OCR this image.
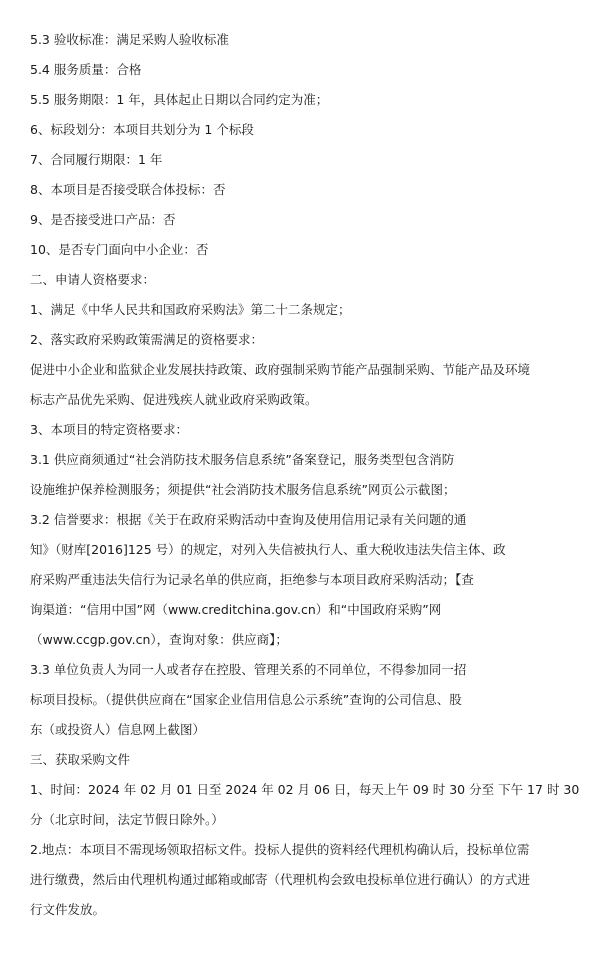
5.3 验收标准：满足采购人验收标准
5.4 服务质量：合格
5.5 服务期限：1 年，具体起止日期以合同约定为准；
6、标段划分：本项目共划分为 1 个标段
7、合同履行期限：1 年
8、本项目是否接受联合体投标：否
9、是否接受进口产品：否
10、是否专门面向中小企业：否
二、申请人资格要求：
1、满足《中华人民共和国政府采购法》第二十二条规定；
2、落实政府采购政策需满足的资格要求：
促进中小企业和监狱企业发展扶持政策、政府强制采购节能产品强制采购、节能产品及环境
标志产品优先采购、促进残疾人就业政府采购政策。
3、本项目的特定资格要求：
3.1 供应商须通过“社会消防技术服务信息系统”备案登记，服务类型包含消防
设施维护保养检测服务；须提供“社会消防技术服务信息系统”网页公示截图；
3.2 信誉要求：根据《关于在政府采购活动中查询及使用信用记录有关问题的通
知》（财库[2016]125 号）的规定，对列入失信被执行人、重大税收违法失信主体、政
府采购严重违法失信行为记录名单的供应商，拒绝参与本项目政府采购活动；【查
询渠道：“信用中国”网（www.creditchina.gov.cn）和“中国政府采购”网
（www.ccgp.gov.cn），查询对象：供应商】；
3.3 单位负责人为同一人或者存在控股、管理关系的不同单位，不得参加同一招
标项目投标。（提供供应商在“国家企业信用信息公示系统”查询的公司信息、股
东（或投资人）信息网上截图）
三、获取采购文件
1、时间：2024 年 02 月 01 日至 2024 年 02 月 06 日，每天上午 09 时 30 分至 下午 17 时 30
分（北京时间，法定节假日除外。）
2.地点：本项目不需现场领取招标文件。投标人提供的资料经代理机构确认后，投标单位需
进行缴费，然后由代理机构通过邮箱或邮寄（代理机构会致电投标单位进行确认）的方式进
行文件发放。
